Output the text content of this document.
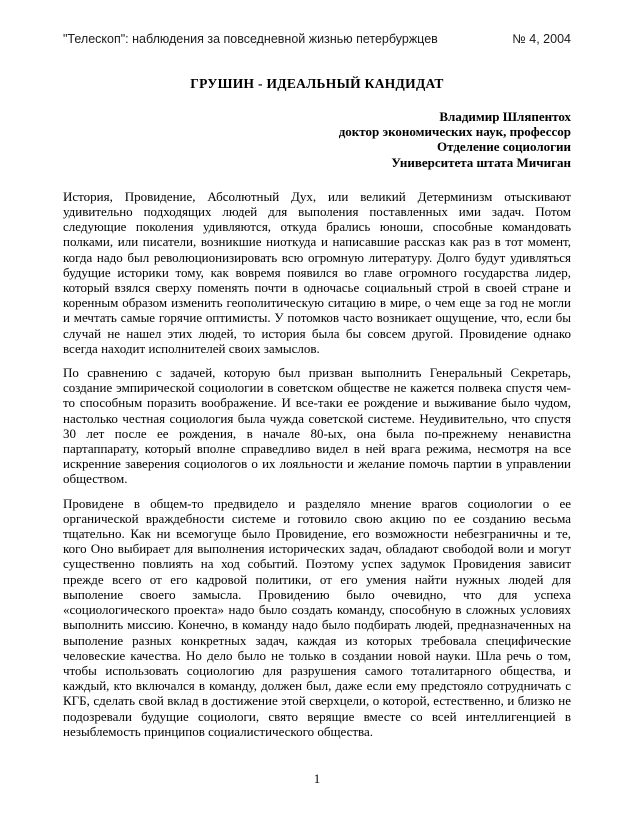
"Телескоп": наблюдения за повседневной жизнью петербуржцев	№ 4, 2004
ГРУШИН - ИДЕАЛЬНЫЙ КАНДИДАТ
Владимир Шляпентох
доктор экономических наук, профессор
Отделение социологии
Университета штата Мичиган

История, Провидение, Абсолютный Дух, или великий Детерминизм отыскивают удивительно подходящих людей для выполения поставленных ими задач. Потом следующие поколения удивляются, откуда брались юноши, способные командовать полками, или писатели, возникшие ниоткуда и написавшие рассказ как раз в тот момент, когда надо был революционизировать всю огромную литературу. Долго будут удивляться будущие историки тому, как вовремя появился во главе огромного государства лидер, который взялся сверху поменять почти в одночасье социальный строй в своей стране и коренным образом изменить геополитическую ситацию в мире, о чем еще за год не могли и мечтать самые горячие оптимисты. У потомков часто возникает ощущение, что, если бы случай не нашел этих людей, то история была бы совсем другой. Провидение однако всегда находит исполнителей своих замыслов.

По сравнению с задачей, которую был призван выполнить Генеральный Секретарь, создание эмпирической социологии в советском обществе не кажется полвека спустя чем-то способным поразить воображение. И все-таки ее рождение и выживание было чудом, настолько честная социология была чужда советской системе. Неудивительно, что спустя 30 лет после ее рождения, в начале 80-ых, она была по-прежнему ненавистна партаппарату, который вполне справедливо видел в ней врага режима, несмотря на все искренние заверения социологов о их лояльности и желание помочь партии в управлении обществом.

Провидене в общем-то предвидело и разделяло мнение врагов социологии о ее органической враждебности системе и готовило свою акцию по ее созданию весьма тщательно. Как ни всемогуще было Провидение, его возможности небезграничны и те, кого Оно выбирает для выполнения исторических задач, обладают свободой воли и могут существенно повлиять на ход событий. Поэтому успех задумок Провидения зависит прежде всего от его кадровой политики, от его умения найти нужных людей для выполение своего замысла. Провидению было очевидно, что для успеха «социологического проекта» надо было создать команду, способную в сложных условиях выполнить миссию. Конечно, в команду надо было подбирать людей, предназначенных на выполение разных конкретных задач, каждая из которых требовала специфические человеские качества. Но дело было не только в создании новой науки. Шла речь о том, чтобы использовать социологию для разрушения самого тоталитарного общества, и каждый, кто включался в команду, должен был, даже если ему предстояло сотрудничать с КГБ, сделать свой вклад в достижение этой сверхцели, о которой, естественно, и близко не подозревали будущие социологи, свято верящие вместе со всей интеллигенцией в незыблемость принципов социалистического общества.

1
